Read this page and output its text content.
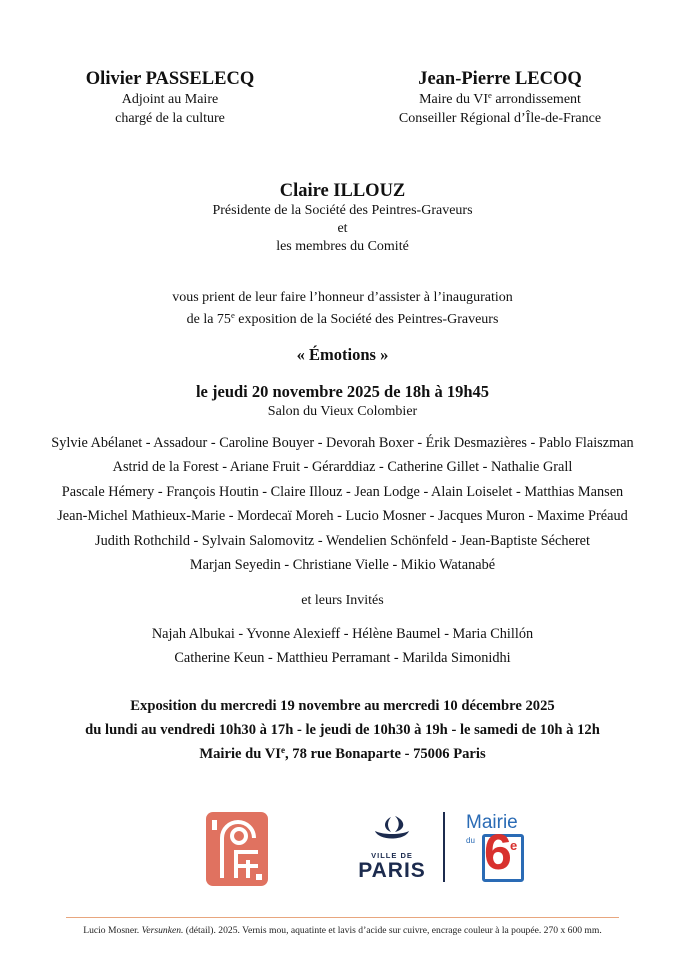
Olivier PASSELECQ
Adjoint au Maire
chargé de la culture
Jean-Pierre LECOQ
Maire du VIe arrondissement
Conseiller Régional d’Île-de-France
Claire ILLOUZ
Présidente de la Société des Peintres-Graveurs
et
les membres du Comité
vous prient de leur faire l’honneur d’assister à l’inauguration
de la 75e exposition de la Société des Peintres-Graveurs
« Émotions »
le jeudi 20 novembre 2025 de 18h à 19h45
Salon du Vieux Colombier
Sylvie Abélanet - Assadour - Caroline Bouyer - Devorah Boxer - Érik Desmazières - Pablo Flaiszman
Astrid de la Forest - Ariane Fruit - Gérarddiaz - Catherine Gillet - Nathalie Grall
Pascale Hémery - François Houtin - Claire Illouz - Jean Lodge - Alain Loiselet - Matthias Mansen
Jean-Michel Mathieux-Marie - Mordecaï Moreh - Lucio Mosner - Jacques Muron - Maxime Préaud
Judith Rothchild - Sylvain Salomovitz - Wendelien Schönfeld - Jean-Baptiste Sécheret
Marjan Seyedin - Christiane Vielle - Mikio Watanabé
et leurs Invités
Najah Albukai - Yvonne Alexieff - Hélène Baumel - Maria Chillón
Catherine Keun - Matthieu Perramant - Marilda Simonidhi
Exposition du mercredi 19 novembre au mercredi 10 décembre 2025
du lundi au vendredi 10h30 à 17h - le jeudi de 10h30 à 19h - le samedi de 10h à 12h
Mairie du VIe, 78 rue Bonaparte - 75006 Paris
VILLE DE
PARIS
Mairie
du 6
e
Lucio Mosner. Versunken. (détail). 2025. Vernis mou, aquatinte et lavis d’acide sur cuivre, encrage couleur à la poupée. 270 x 600 mm.
